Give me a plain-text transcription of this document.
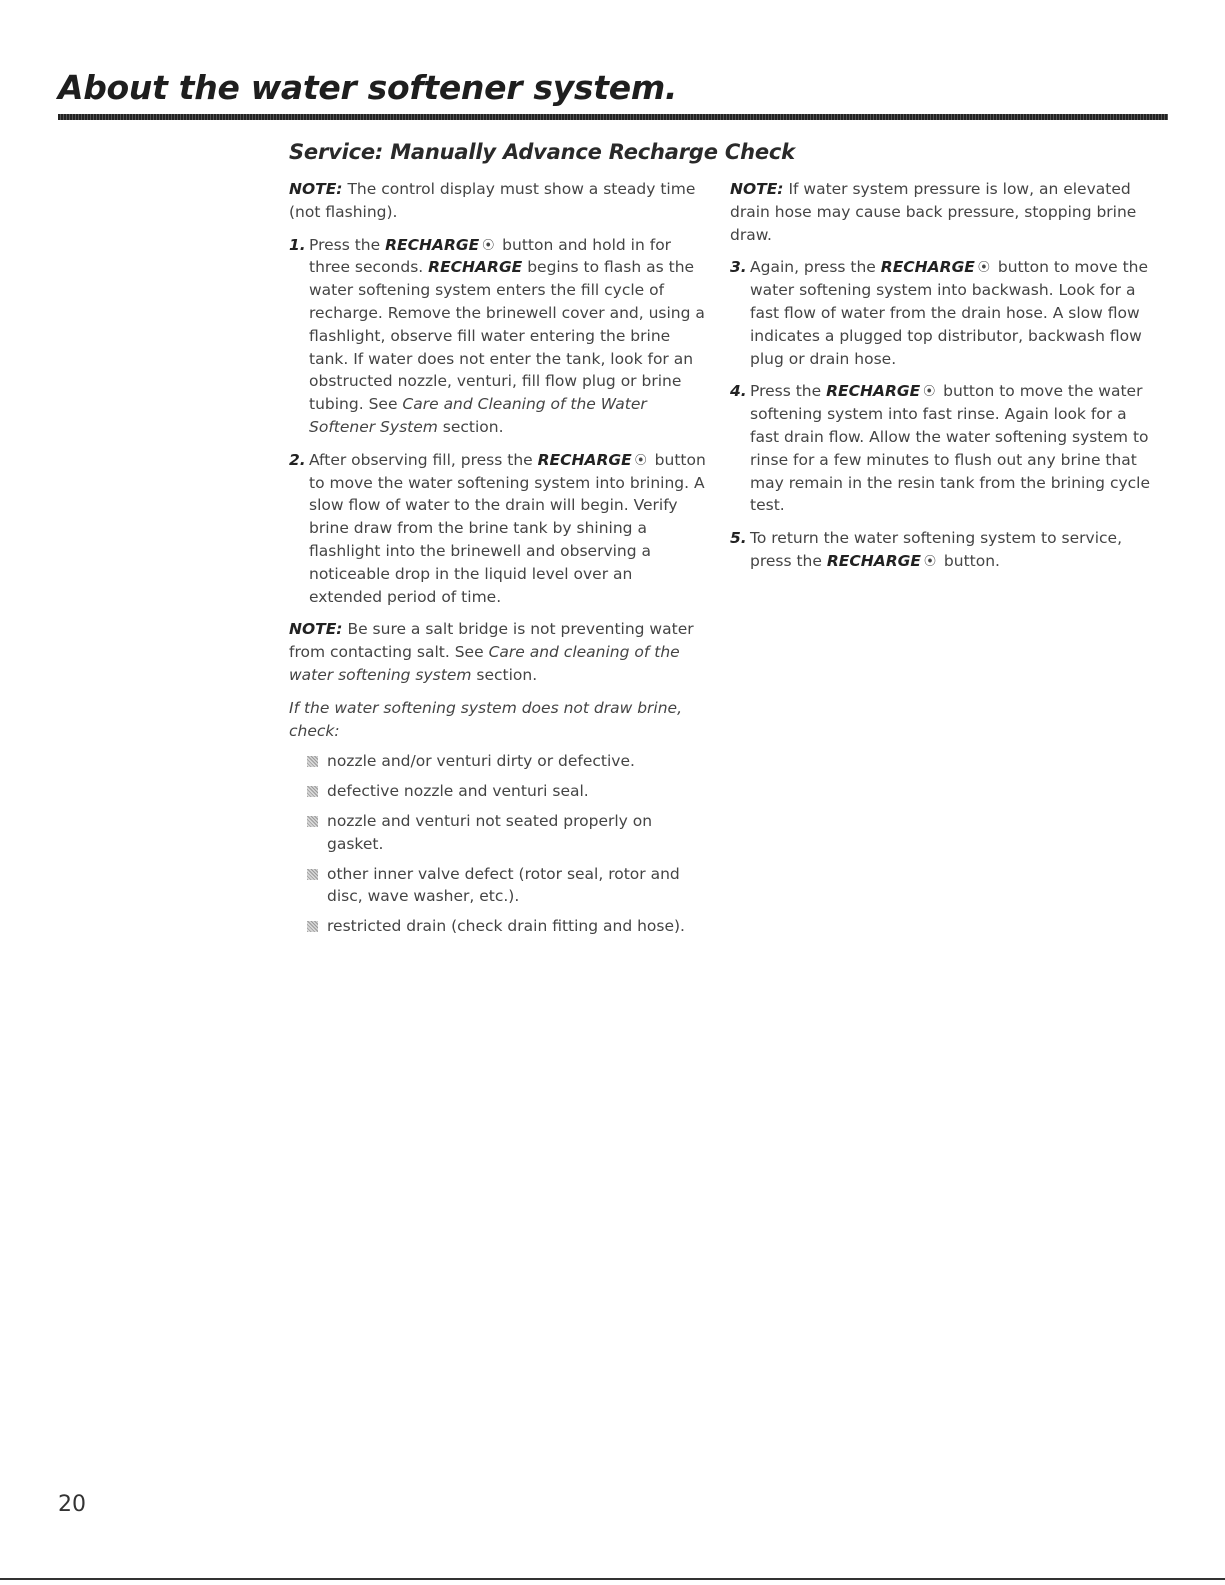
About the water softener system.
Service: Manually Advance Recharge Check

NOTE: The control display must show a steady time (not flashing).

1. Press the RECHARGE ⦿ button and hold in for three seconds. RECHARGE begins to flash as the water softening system enters the fill cycle of recharge. Remove the brinewell cover and, using a flashlight, observe fill water entering the brine tank. If water does not enter the tank, look for an obstructed nozzle, venturi, fill flow plug or brine tubing. See Care and Cleaning of the Water Softener System section.
2. After observing fill, press the RECHARGE ⦿ button to move the water softening system into brining. A slow flow of water to the drain will begin. Verify brine draw from the brine tank by shining a flashlight into the brinewell and observing a noticeable drop in the liquid level over an extended period of time.

NOTE: Be sure a salt bridge is not preventing water from contacting salt. See Care and cleaning of the water softening system section.

If the water softening system does not draw brine, check:

nozzle and/or venturi dirty or defective.
defective nozzle and venturi seal.
nozzle and venturi not seated properly on gasket.
other inner valve defect (rotor seal, rotor and disc, wave washer, etc.).
restricted drain (check drain fitting and hose).

NOTE: If water system pressure is low, an elevated drain hose may cause back pressure, stopping brine draw.

3. Again, press the RECHARGE ⦿ button to move the water softening system into backwash. Look for a fast flow of water from the drain hose. A slow flow indicates a plugged top distributor, backwash flow plug or drain hose.
4. Press the RECHARGE ⦿ button to move the water softening system into fast rinse. Again look for a fast drain flow. Allow the water softening system to rinse for a few minutes to flush out any brine that may remain in the resin tank from the brining cycle test.
5. To return the water softening system to service, press the RECHARGE ⦿ button.
20
